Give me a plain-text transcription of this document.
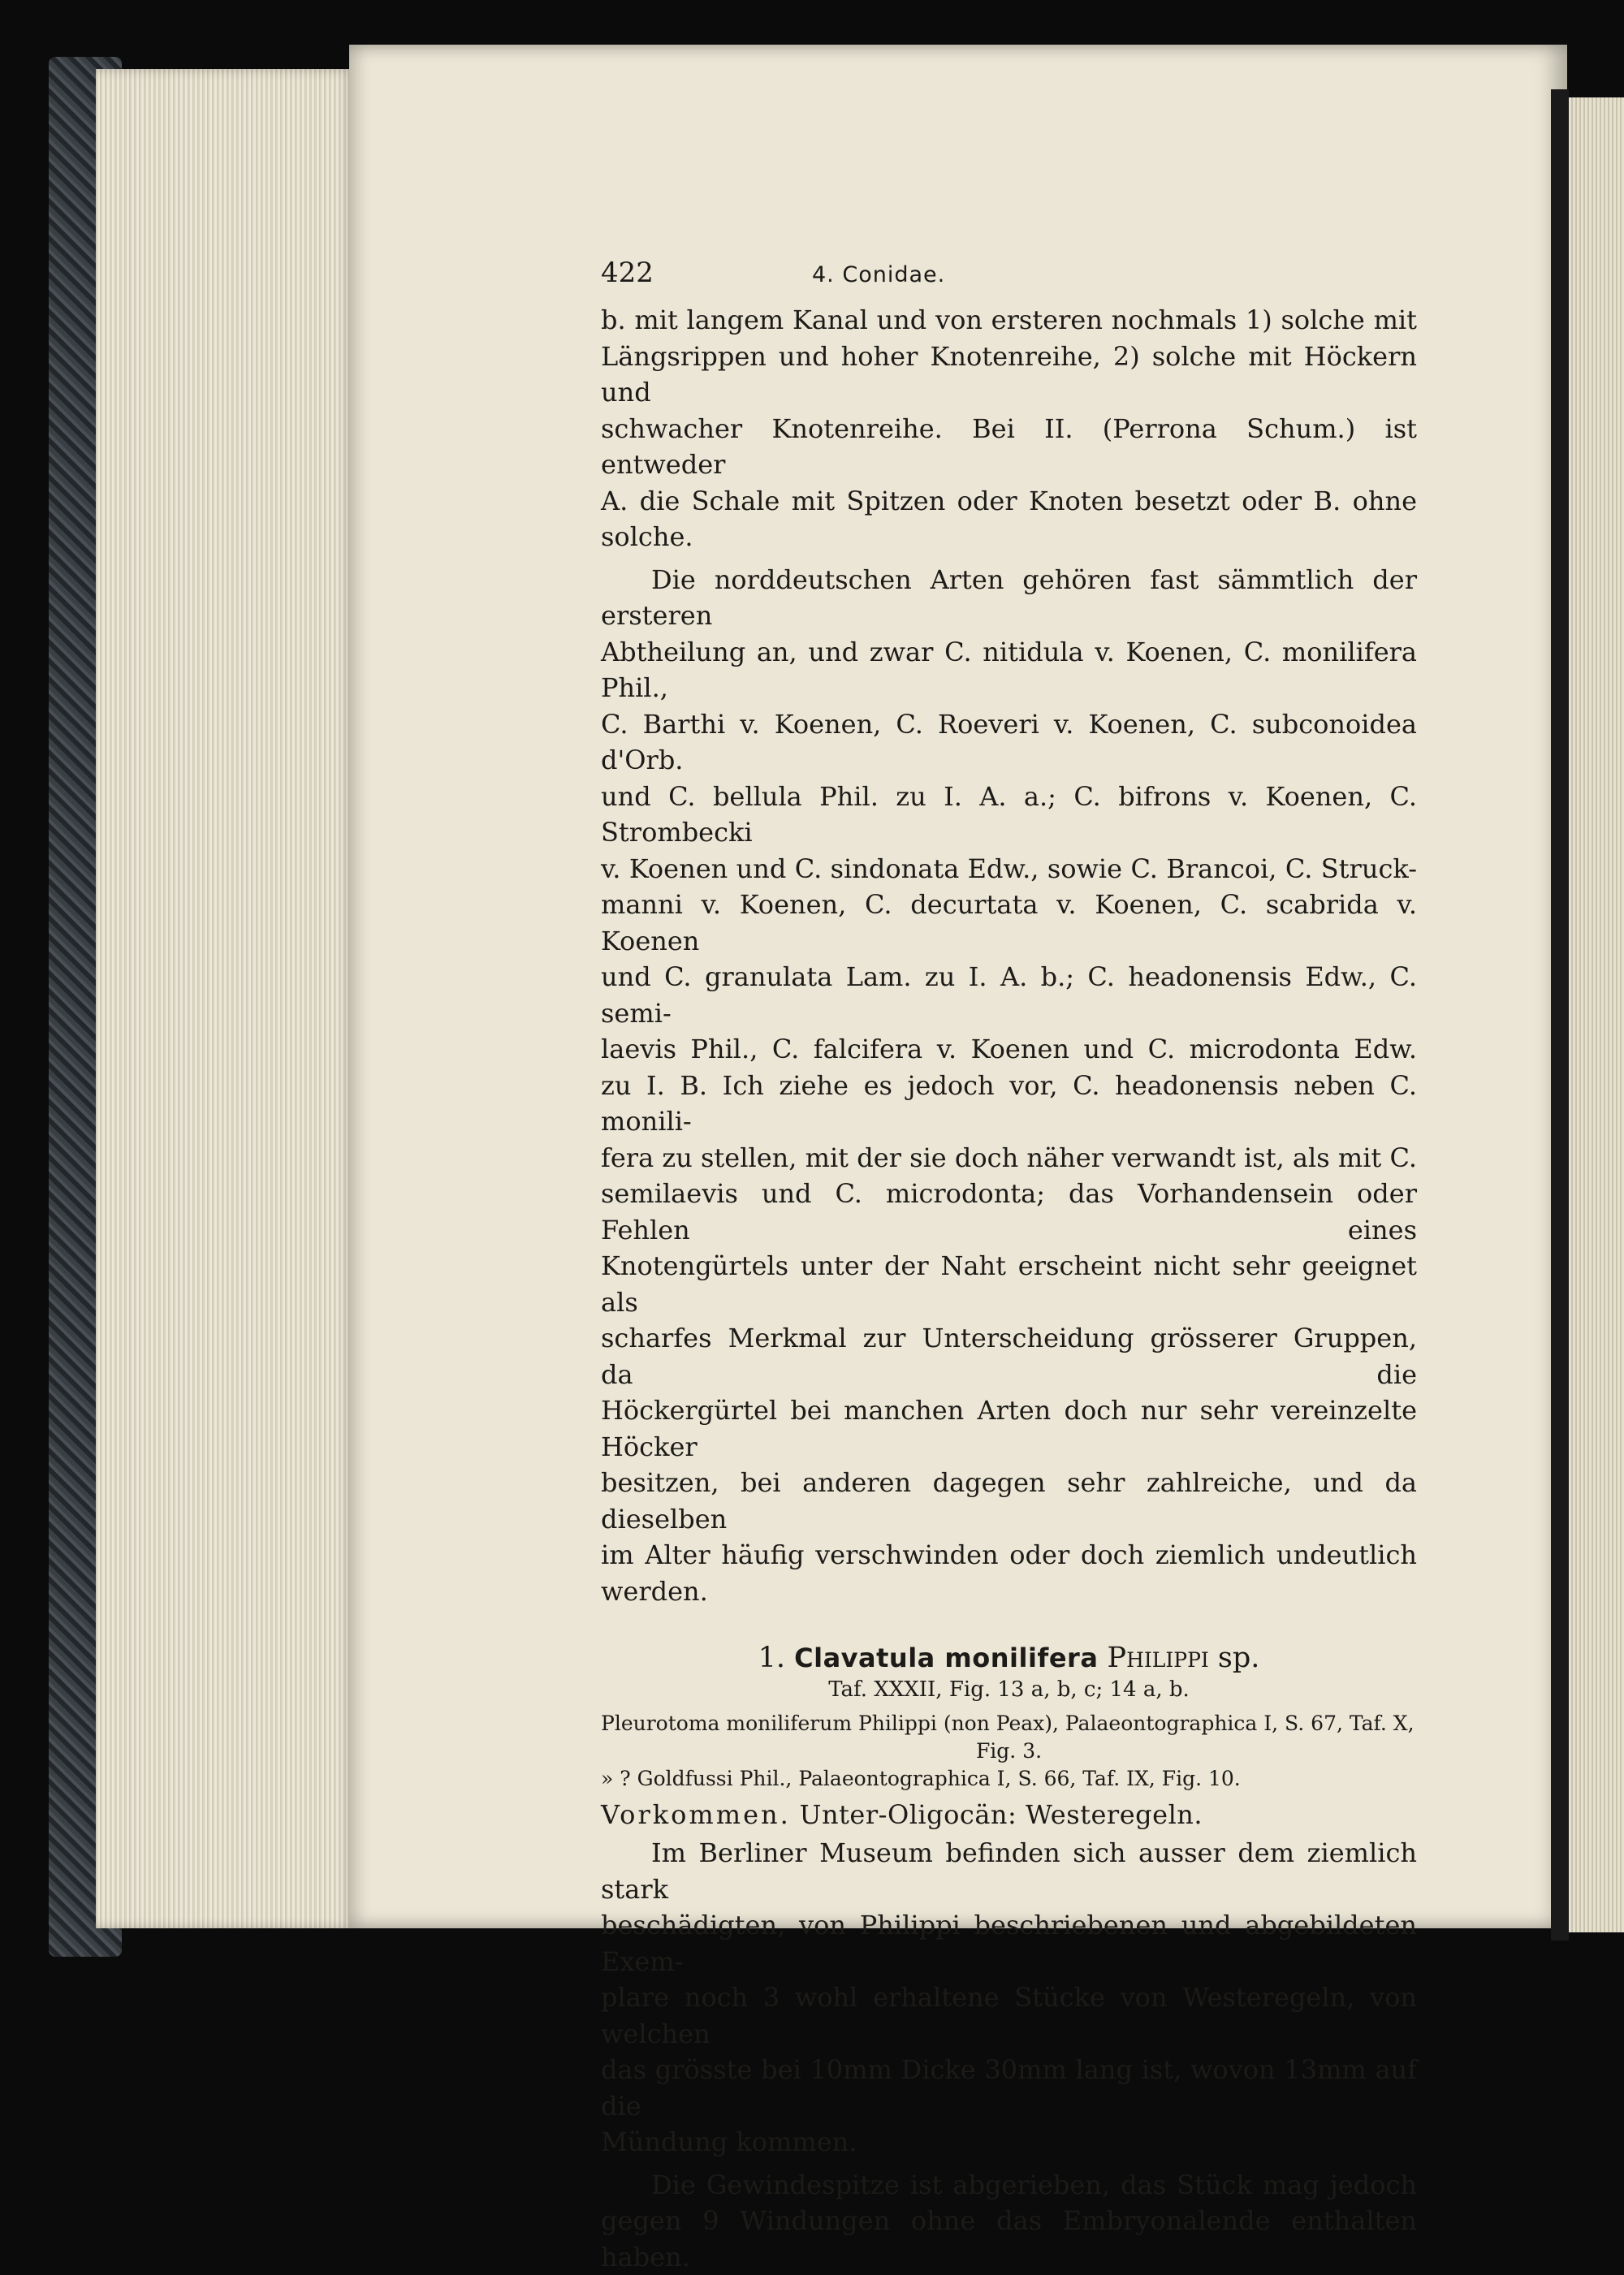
422	4. Conidae.
b. mit langem Kanal und von ersteren nochmals 1) solche mit
Längsrippen und hoher Knotenreihe, 2) solche mit Höckern und
schwacher Knotenreihe. Bei II. (Perrona Schum.) ist entweder
A. die Schale mit Spitzen oder Knoten besetzt oder B. ohne
solche.
Die norddeutschen Arten gehören fast sämmtlich der ersteren
Abtheilung an, und zwar C. nitidula v. Koenen, C. monilifera Phil.,
C. Barthi v. Koenen, C. Roeveri v. Koenen, C. subconoidea d'Orb.
und C. bellula Phil. zu I. A. a.; C. bifrons v. Koenen, C. Strombecki
v. Koenen und C. sindonata Edw., sowie C. Brancoi, C. Struck-
manni v. Koenen, C. decurtata v. Koenen, C. scabrida v. Koenen
und C. granulata Lam. zu I. A. b.; C. headonensis Edw., C. semi-
laevis Phil., C. falcifera v. Koenen und C. microdonta Edw.
zu I. B. Ich ziehe es jedoch vor, C. headonensis neben C. monili-
fera zu stellen, mit der sie doch näher verwandt ist, als mit C.
semilaevis und C. microdonta; das Vorhandensein oder Fehlen eines
Knotengürtels unter der Naht erscheint nicht sehr geeignet als
scharfes Merkmal zur Unterscheidung grösserer Gruppen, da die
Höckergürtel bei manchen Arten doch nur sehr vereinzelte Höcker
besitzen, bei anderen dagegen sehr zahlreiche, und da dieselben
im Alter häufig verschwinden oder doch ziemlich undeutlich
werden.
1. Clavatula monilifera Philippi sp.
Taf. XXXII, Fig. 13 a, b, c; 14 a, b.
Pleurotoma moniliferum Philippi (non Peax), Palaeontographica I, S. 67, Taf. X,
Fig. 3.
» ? Goldfussi Phil., Palaeontographica I, S. 66, Taf. IX, Fig. 10.
Vorkommen. Unter-Oligocän: Westeregeln.
Im Berliner Museum befinden sich ausser dem ziemlich stark
beschädigten, von Philippi beschriebenen und abgebildeten Exem-
plare noch 3 wohl erhaltene Stücke von Westeregeln, von welchen
das grösste bei 10mm Dicke 30mm lang ist, wovon 13mm auf die
Mündung kommen.
Die Gewindespitze ist abgerieben, das Stück mag jedoch
gegen 9 Windungen ohne das Embryonalende enthalten haben.
